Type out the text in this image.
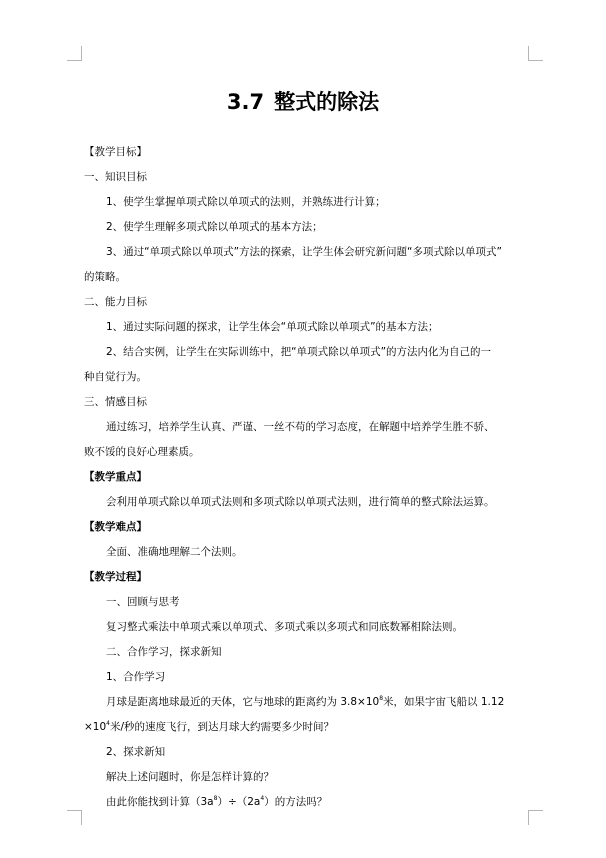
3.7 整式的除法
【教学目标】
一、知识目标
1、使学生掌握单项式除以单项式的法则，并熟练进行计算；
2、使学生理解多项式除以单项式的基本方法；
3、通过“单项式除以单项式”方法的探索，让学生体会研究新问题“多项式除以单项式”
的策略。
二、能力目标
1、通过实际问题的探求，让学生体会“单项式除以单项式”的基本方法；
2、结合实例，让学生在实际训练中，把“单项式除以单项式”的方法内化为自己的一
种自觉行为。
三、情感目标
通过练习，培养学生认真、严谨、一丝不苟的学习态度，在解题中培养学生胜不骄、
败不馁的良好心理素质。
【教学重点】
会利用单项式除以单项式法则和多项式除以单项式法则，进行简单的整式除法运算。
【教学难点】
全面、准确地理解二个法则。
【教学过程】
一、回顾与思考
复习整式乘法中单项式乘以单项式、多项式乘以多项式和同底数幂相除法则。
二、合作学习，探求新知
1、合作学习
月球是距离地球最近的天体，它与地球的距离约为 $3.8\times 10^8$米，如果宇宙飞船以 1.12
$\times 10^4$米/秒的速度飞行，到达月球大约需要多少时间？
2、探求新知
解决上述问题时，你是怎样计算的？
由此你能找到计算$(3a^8)\div(2a^4)$的方法吗？
